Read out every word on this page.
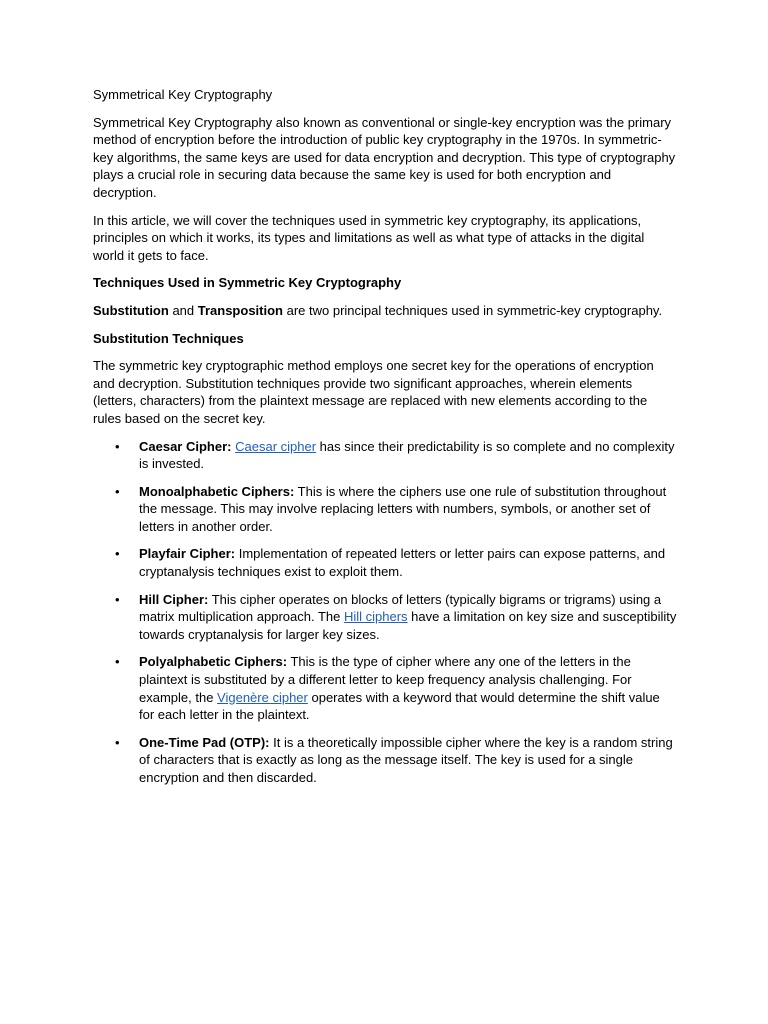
Symmetrical Key Cryptography

Symmetrical Key Cryptography also known as conventional or single-key encryption was the primary method of encryption before the introduction of public key cryptography in the 1970s. In symmetric-key algorithms, the same keys are used for data encryption and decryption. This type of cryptography plays a crucial role in securing data because the same key is used for both encryption and decryption.

In this article, we will cover the techniques used in symmetric key cryptography, its applications, principles on which it works, its types and limitations as well as what type of attacks in the digital world it gets to face.

Techniques Used in Symmetric Key Cryptography

Substitution and Transposition are two principal techniques used in symmetric-key cryptography.

Substitution Techniques

The symmetric key cryptographic method employs one secret key for the operations of encryption and decryption. Substitution techniques provide two significant approaches, wherein elements (letters, characters) from the plaintext message are replaced with new elements according to the rules based on the secret key.

• Caesar Cipher: Caesar cipher has since their predictability is so complete and no complexity is invested.
• Monoalphabetic Ciphers: This is where the ciphers use one rule of substitution throughout the message. This may involve replacing letters with numbers, symbols, or another set of letters in another order.
• Playfair Cipher: Implementation of repeated letters or letter pairs can expose patterns, and cryptanalysis techniques exist to exploit them.
• Hill Cipher: This cipher operates on blocks of letters (typically bigrams or trigrams) using a matrix multiplication approach. The Hill ciphers have a limitation on key size and susceptibility towards cryptanalysis for larger key sizes.
• Polyalphabetic Ciphers: This is the type of cipher where any one of the letters in the plaintext is substituted by a different letter to keep frequency analysis challenging. For example, the Vigenère cipher operates with a keyword that would determine the shift value for each letter in the plaintext.
• One-Time Pad (OTP): It is a theoretically impossible cipher where the key is a random string of characters that is exactly as long as the message itself. The key is used for a single encryption and then discarded.
